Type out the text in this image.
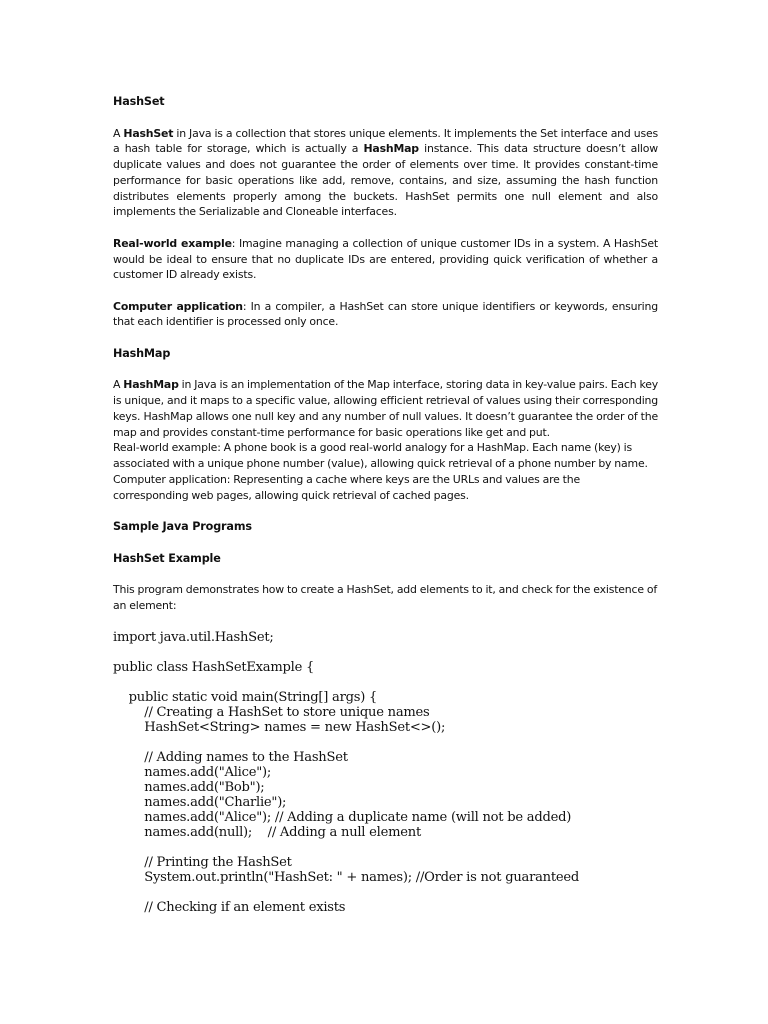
HashSet

A HashSet in Java is a collection that stores unique elements. It implements the Set interface and uses a hash table for storage, which is actually a HashMap instance. This data structure doesn’t allow duplicate values and does not guarantee the order of elements over time. It provides constant-time performance for basic operations like add, remove, contains, and size, assuming the hash function distributes elements properly among the buckets. HashSet permits one null element and also implements the Serializable and Cloneable interfaces.

Real-world example: Imagine managing a collection of unique customer IDs in a system. A HashSet would be ideal to ensure that no duplicate IDs are entered, providing quick verification of whether a customer ID already exists.

Computer application: In a compiler, a HashSet can store unique identifiers or keywords, ensuring that each identifier is processed only once.

HashMap

A HashMap in Java is an implementation of the Map interface, storing data in key-value pairs. Each key is unique, and it maps to a specific value, allowing efficient retrieval of values using their corresponding keys. HashMap allows one null key and any number of null values. It doesn’t guarantee the order of the map and provides constant-time performance for basic operations like get and put.

Real-world example: A phone book is a good real-world analogy for a HashMap. Each name (key) is associated with a unique phone number (value), allowing quick retrieval of a phone number by name.

Computer application: Representing a cache where keys are the URLs and values are the corresponding web pages, allowing quick retrieval of cached pages.

Sample Java Programs

HashSet Example

This program demonstrates how to create a HashSet, add elements to it, and check for the existence of an element:

import java.util.HashSet;
public class HashSetExample {
public static void main(String[] args) {
// Creating a HashSet to store unique names
HashSet<String> names = new HashSet<>();
// Adding names to the HashSet
names.add("Alice");
names.add("Bob");
names.add("Charlie");
names.add("Alice"); // Adding a duplicate name (will not be added)
names.add(null);    // Adding a null element
// Printing the HashSet
System.out.println("HashSet: " + names); //Order is not guaranteed
// Checking if an element exists
